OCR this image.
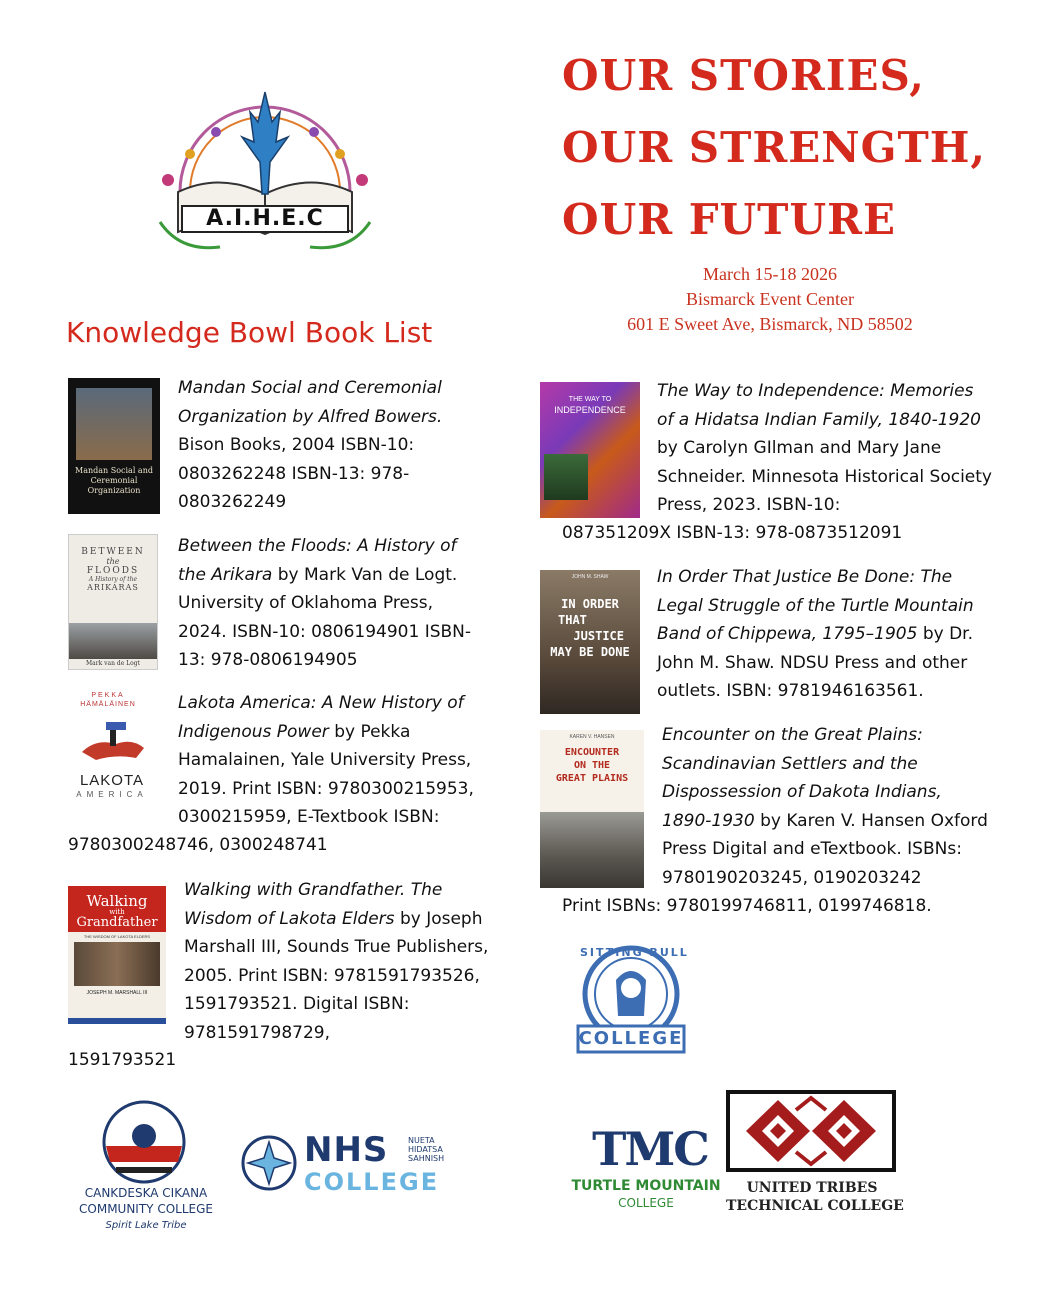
A.I.H.E.C
OUR STORIES,
OUR STRENGTH,
OUR FUTURE
March 15-18 2026
Bismarck Event Center
601 E Sweet Ave, Bismarck, ND 58502
Knowledge Bowl Book List
Mandan Social and Ceremonial Organization
Mandan Social and Ceremonial Organization by Alfred Bowers. Bison Books, 2004 ISBN-10: 0803262248 ISBN-13: 978-0803262249
BETWEEN
the
FLOODS
A History of the
ARIKARAS
Mark van de Logt
Between the Floods: A History of the Arikara by Mark Van de Logt. University of Oklahoma Press, 2024. ISBN-10: 0806194901 ISBN-13: 978-0806194905
PEKKA
HÄMÄLÄINEN
LAKOTA
AMERICA
Lakota America: A New History of Indigenous Power by Pekka Hamalainen, Yale University Press, 2019. Print ISBN: 9780300215953, 0300215959, E-Textbook ISBN:
9780300248746, 0300248741
Walking
with
Grandfather
THE WISDOM OF LAKOTA ELDERS
JOSEPH M. MARSHALL III
Walking with Grandfather. The Wisdom of Lakota Elders by Joseph Marshall III, Sounds True Publishers, 2005. Print ISBN: 9781591793526, 1591793521. Digital ISBN: 9781591798729,
1591793521
THE WAY TO
INDEPENDENCE
The Way to Independence: Memories of a Hidatsa Indian Family, 1840-1920 by Carolyn GIlman and Mary Jane Schneider. Minnesota Historical Society Press, 2023. ISBN-10:
087351209X ISBN-13: 978-0873512091
JOHN M. SHAW
IN ORDER
THAT
JUSTICE
MAY BE DONE
In Order That Justice Be Done: The Legal Struggle of the Turtle Mountain Band of Chippewa, 1795–1905 by Dr. John M. Shaw. NDSU Press and other outlets. ISBN: 9781946163561.
KAREN V. HANSEN
ENCOUNTER
ON THE
GREAT PLAINS
Encounter on the Great Plains: Scandinavian Settlers and the Dispossession of Dakota Indians, 1890-1930 by Karen V. Hansen Oxford Press Digital and eTextbook. ISBNs: 9780190203245, 0190203242
Print ISBNs: 9780199746811, 0199746818.
SITTING BULL
COLLEGE
CANKDESKA CIKANA
COMMUNITY COLLEGE
Spirit Lake Tribe
NHS NUETA
HIDATSA
SAHNISH
COLLEGE
TMC
TURTLE MOUNTAIN
COLLEGE
UNITED TRIBES
TECHNICAL COLLEGE
